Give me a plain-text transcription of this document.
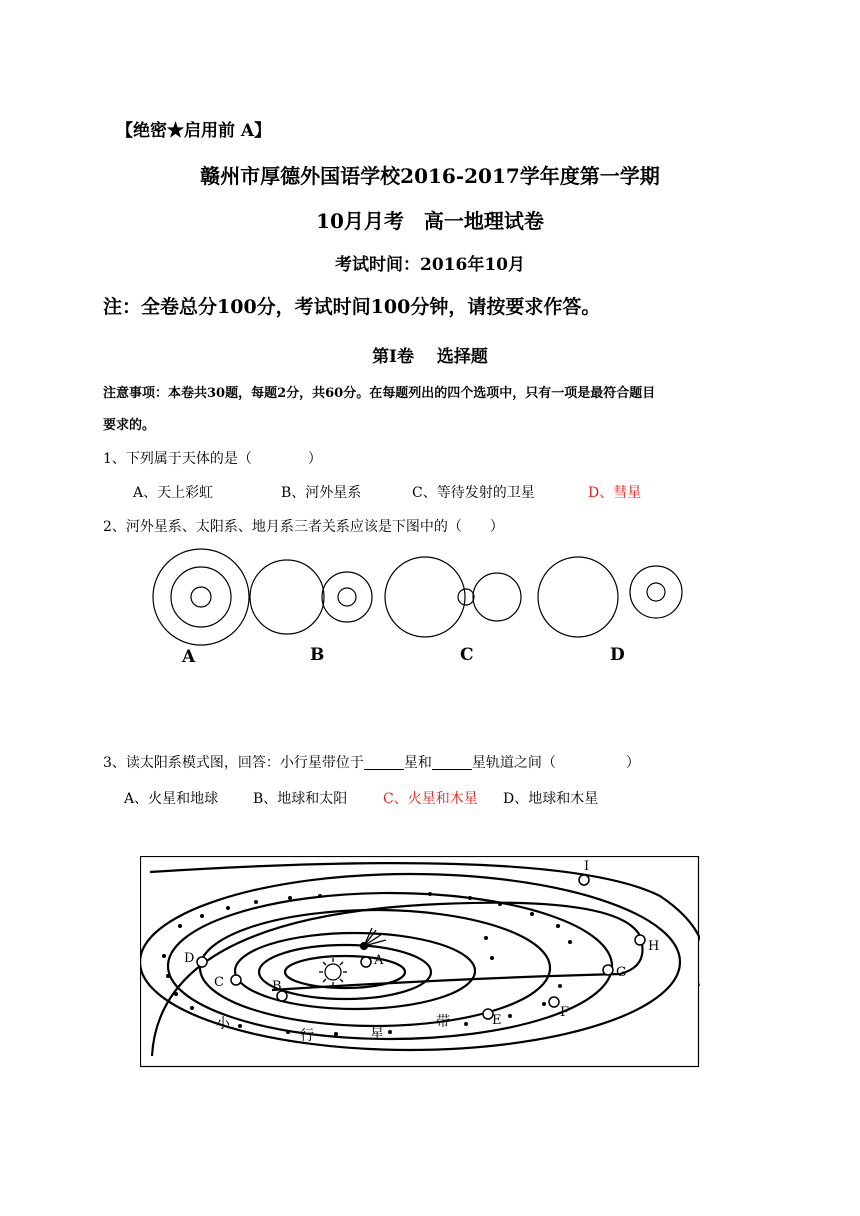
【绝密★启用前 A】
赣州市厚德外国语学校2016-2017学年度第一学期
10月月考　高一地理试卷
考试时间：2016年10月
注：全卷总分100分，考试时间100分钟，请按要求作答。
第Ⅰ卷　 选择题
注意事项：本卷共30题，每题2分，共60分。在每题列出的四个选项中，只有一项是最符合题目
要求的。
1、下列属于天体的是（　　　　）
A、天上彩虹	B、河外星系	C、等待发射的卫星	D、彗星
2、河外星系、太阳系、地月系三者关系应该是下图中的（　　）
A	B	C	D
3、读太阳系模式图，回答：小行星带位于	星和	星轨道之间（　　　　　）
A、火星和地球 B、地球和太阳	C、火星和木星 D、地球和木星
A
B
C
D
E
F
G
H
I
小
行	星
带
